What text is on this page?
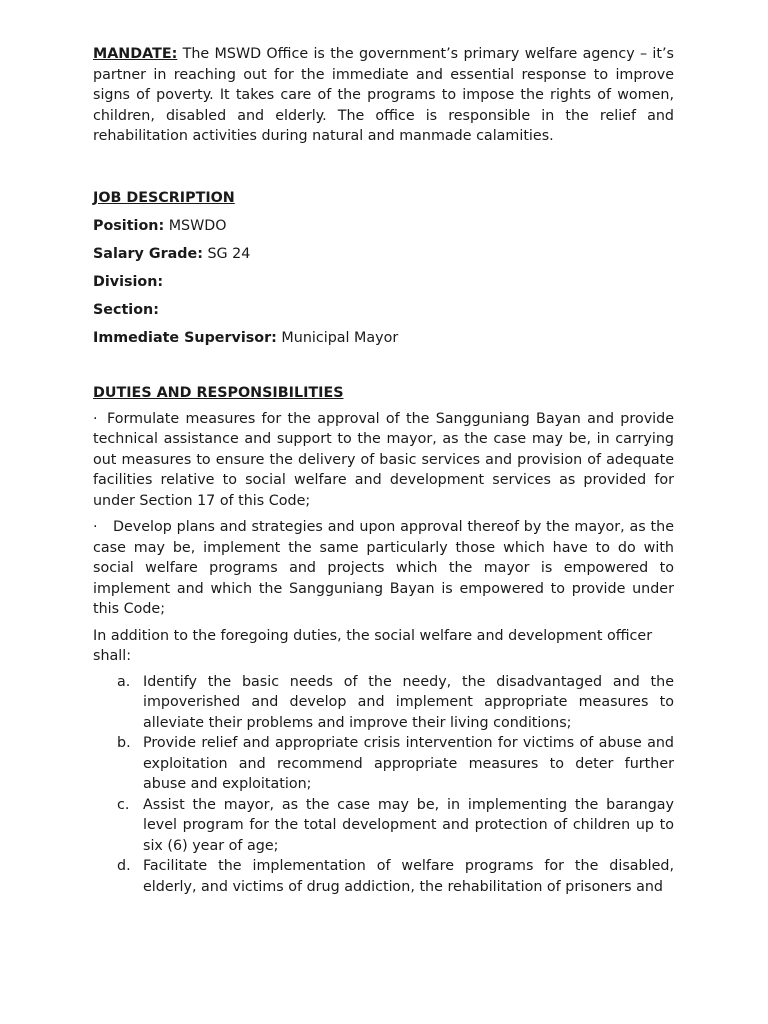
MANDATE: The MSWD Office is the government’s primary welfare agency – it’s partner in reaching out for the immediate and essential response to improve signs of poverty. It takes care of the programs to impose the rights of women, children, disabled and elderly. The office is responsible in the relief and rehabilitation activities during natural and manmade calamities.

JOB DESCRIPTION

Position: MSWDO

Salary Grade: SG 24

Division:

Section:

Immediate Supervisor: Municipal Mayor

DUTIES AND RESPONSIBILITIES

· Formulate measures for the approval of the Sangguniang Bayan and provide technical assistance and support to the mayor, as the case may be, in carrying out measures to ensure the delivery of basic services and provision of adequate facilities relative to social welfare and development services as provided for under Section 17 of this Code;

· Develop plans and strategies and upon approval thereof by the mayor, as the case may be, implement the same particularly those which have to do with social welfare programs and projects which the mayor is empowered to implement and which the Sangguniang Bayan is empowered to provide under this Code;

In addition to the foregoing duties, the social welfare and development officer shall:

a. Identify the basic needs of the needy, the disadvantaged and the impoverished and develop and implement appropriate measures to alleviate their problems and improve their living conditions;
b. Provide relief and appropriate crisis intervention for victims of abuse and exploitation and recommend appropriate measures to deter further abuse and exploitation;
c. Assist the mayor, as the case may be, in implementing the barangay level program for the total development and protection of children up to six (6) year of age;
d. Facilitate the implementation of welfare programs for the disabled, elderly, and victims of drug addiction, the rehabilitation of prisoners and
